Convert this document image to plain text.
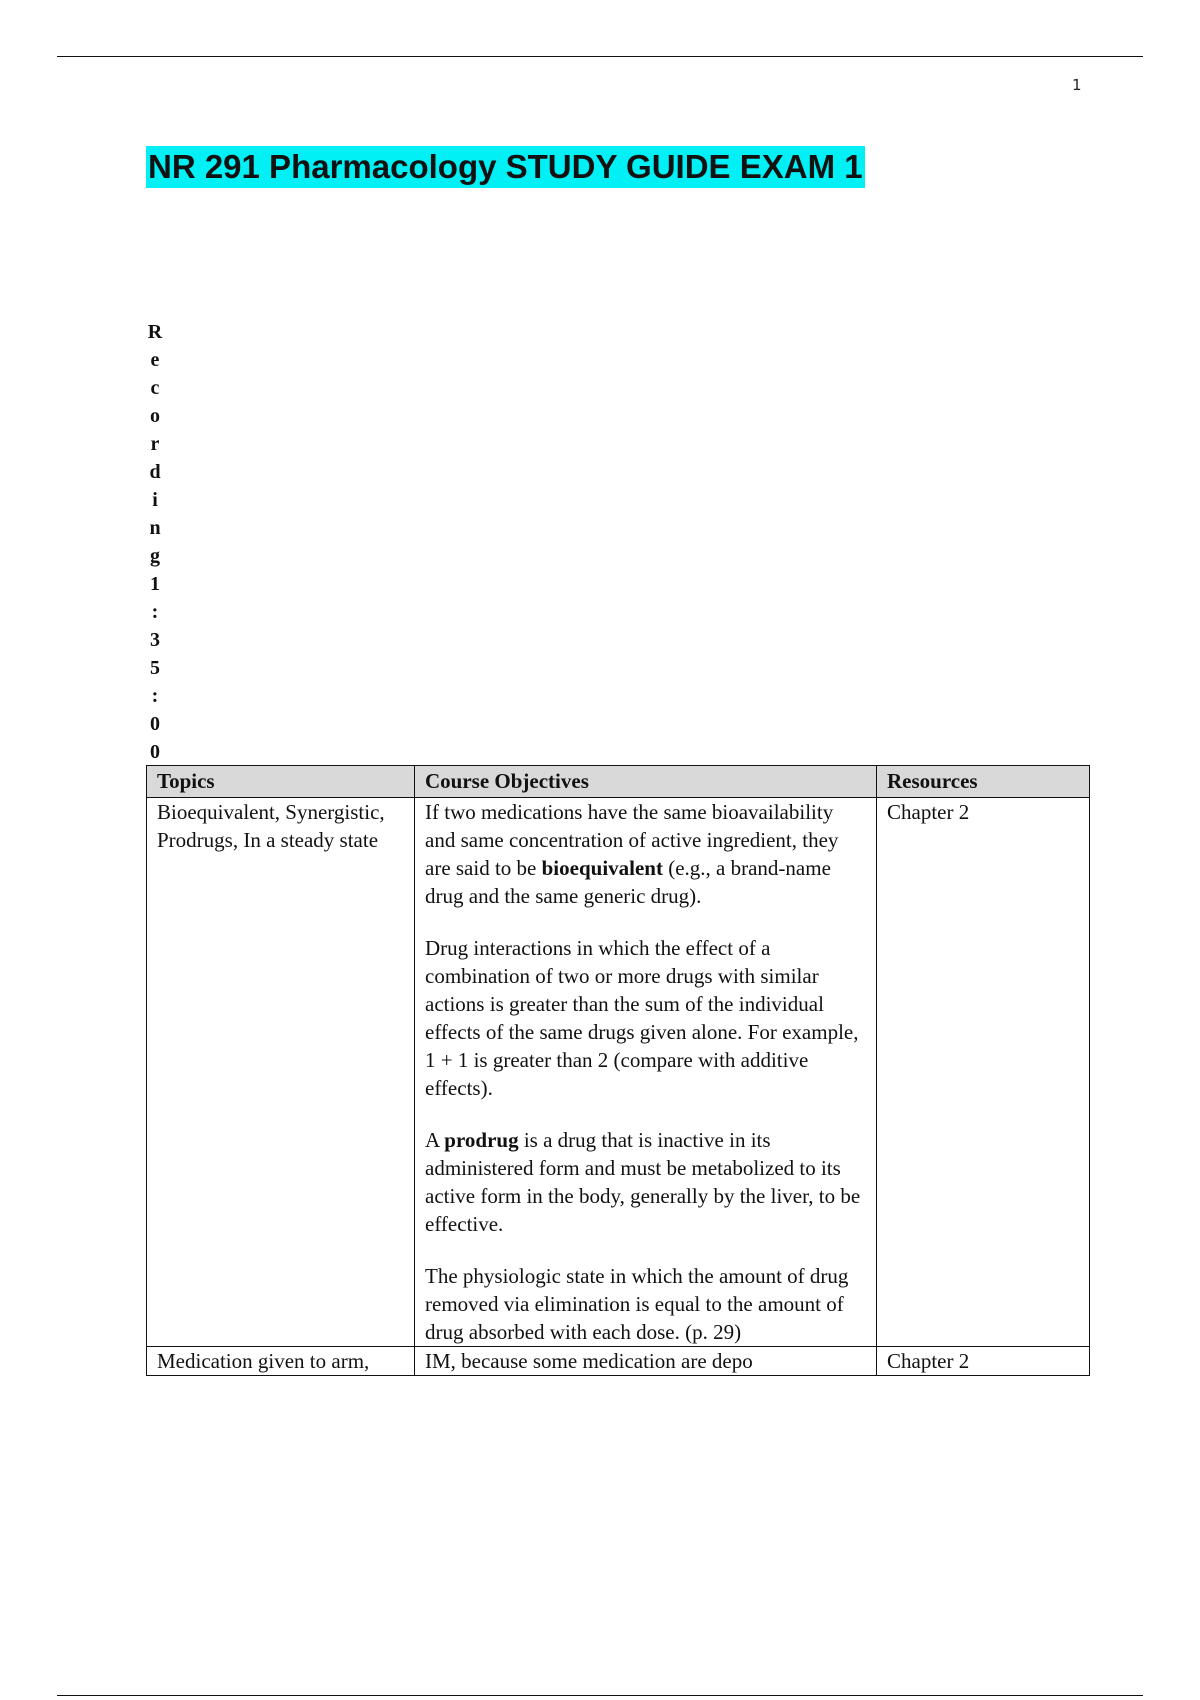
1
NR 291 Pharmacology STUDY GUIDE EXAM 1
R
e
c
o
r
d
i
n
g
1
:
3
5
:
0
0
Topics	Course Objectives	Resources

Bioequivalent, Synergistic, Prodrugs, In a steady state	If two medications have the same bioavailability and same concentration of active ingredient, they are said to be bioequivalent (e.g., a brand-name drug and the same generic drug).

Drug interactions in which the effect of a combination of two or more drugs with similar actions is greater than the sum of the individual effects of the same drugs given alone. For example, 1 + 1 is greater than 2 (compare with additive effects).

A prodrug is a drug that is inactive in its administered form and must be metabolized to its active form in the body, generally by the liver, to be effective.

The physiologic state in which the amount of drug removed via elimination is equal to the amount of drug absorbed with each dose. (p. 29)	Chapter 2

Medication given to arm,	IM, because some medication are depo	Chapter 2
